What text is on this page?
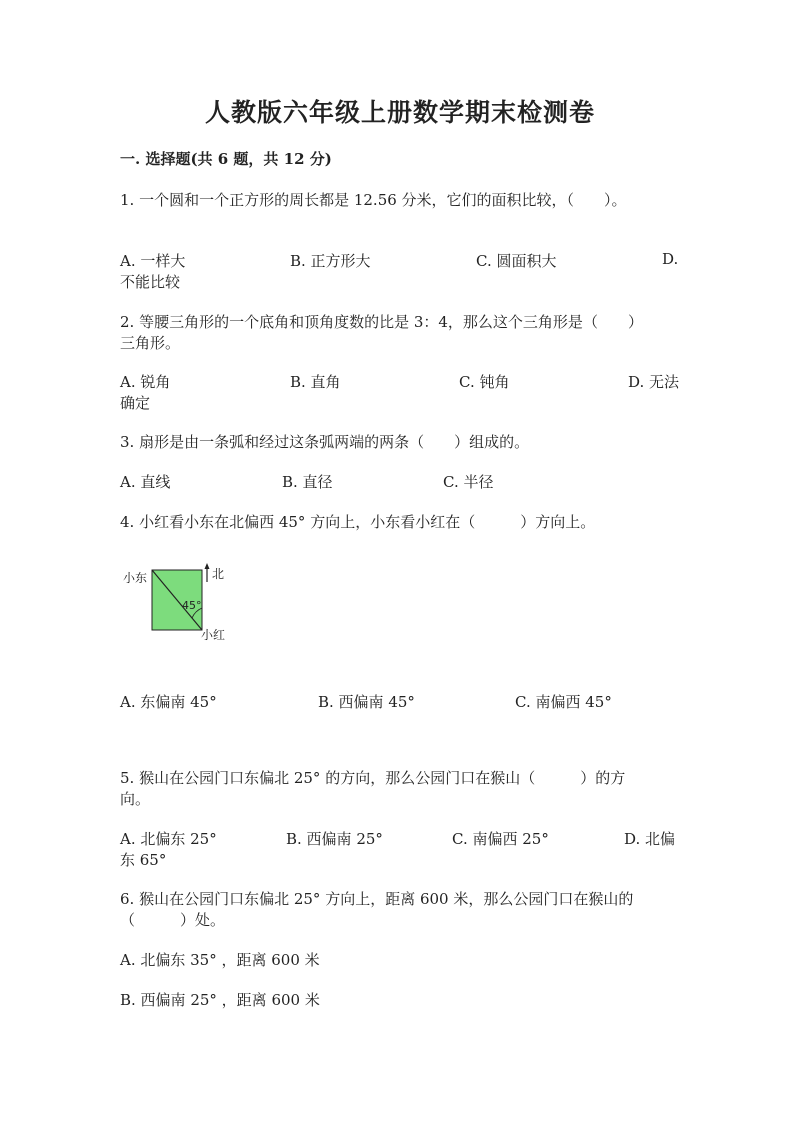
人教版六年级上册数学期末检测卷
一. 选择题(共 6 题，共 12 分)
1. 一个圆和一个正方形的周长都是 12.56 分米，它们的面积比较，（　　）。
A. 一样大	B. 正方形大	C. 圆面积大	D.
不能比较
2. 等腰三角形的一个底角和顶角度数的比是 3：4，那么这个三角形是（　　）
三角形。
A. 锐角	B. 直角	C. 钝角	D. 无法
确定
3. 扇形是由一条弧和经过这条弧两端的两条（　　）组成的。
A. 直线	B. 直径	C. 半径
4. 小红看小东在北偏西 45° 方向上，小东看小红在（　　　）方向上。
小东	北
45°
小红
A. 东偏南 45°	B. 西偏南 45°	C. 南偏西 45°
5. 猴山在公园门口东偏北 25° 的方向，那么公园门口在猴山（　　　）的方
向。
A. 北偏东 25°	B. 西偏南 25°	C. 南偏西 25°	D. 北偏
东 65°
6. 猴山在公园门口东偏北 25° 方向上，距离 600 米，那么公园门口在猴山的
（　　　）处。
A. 北偏东 35° ，距离 600 米
B. 西偏南 25° ，距离 600 米
